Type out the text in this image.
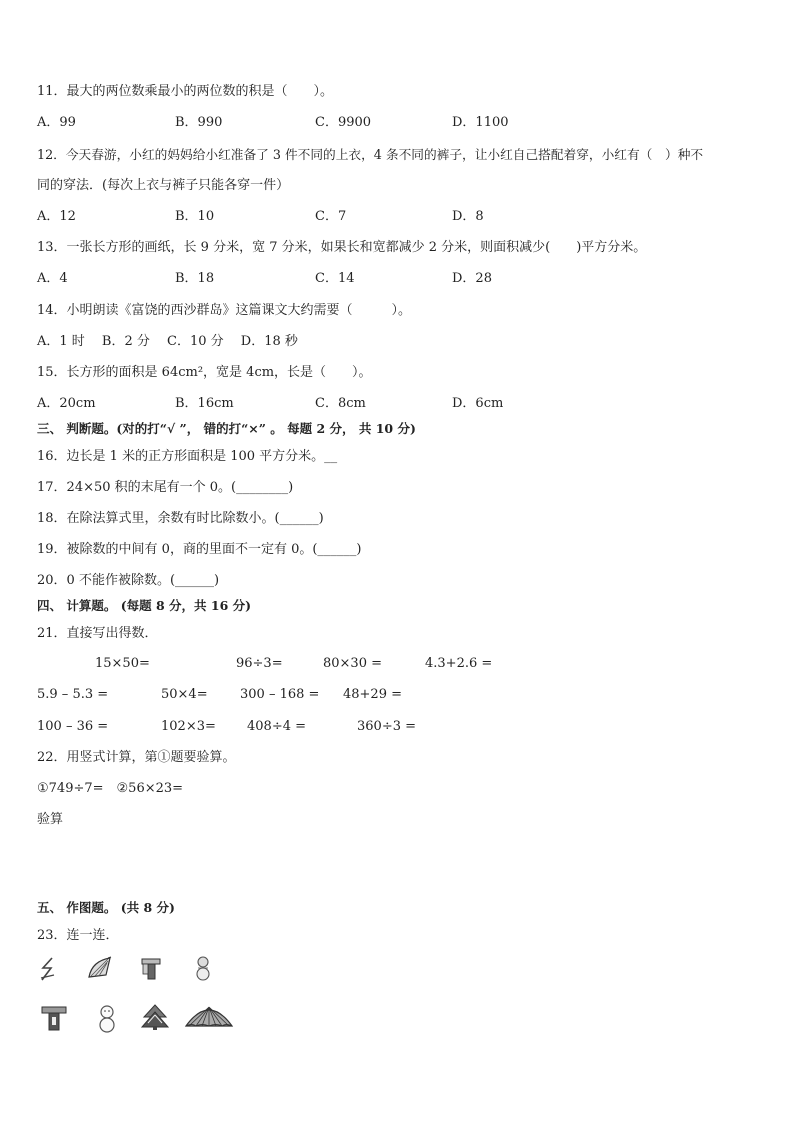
11．最大的两位数乘最小的两位数的积是（　　）。
A．99	B．990	C．9900	D．1100
12．今天春游，小红的妈妈给小红准备了 3 件不同的上衣，4 条不同的裤子，让小红自己搭配着穿，小红有（　）种不
同的穿法．(每次上衣与裤子只能各穿一件）
A．12	B．10	C．7	D．8
13．一张长方形的画纸，长 9 分米，宽 7 分米，如果长和宽都减少 2 分米，则面积减少(　　)平方分米。
A．4	B．18	C．14	D．28
14．小明朗读《富饶的西沙群岛》这篇课文大约需要（　　　）。
A．1 时　 B．2 分　 C．10 分　 D．18 秒
15．长方形的面积是 64cm²，宽是 4cm，长是（　　）。
A．20cm	B．16cm	C．8cm	D．6cm
三、 判断题。(对的打“√ ”， 错的打“×” 。 每题 2 分， 共 10 分)
16．边长是 1 米的正方形面积是 100 平方分米。__
17．24×50 积的末尾有一个 0。(________)
18．在除法算式里，余数有时比除数小。(______)
19．被除数的中间有 0，商的里面不一定有 0。(______)
20．0 不能作被除数。(______)
四、 计算题。 (每题 8 分，共 16 分)
21．直接写出得数．
15×50=	96÷3=	80×30 =	4.3+2.6 =
5.9 – 5.3 =	50×4= 300 – 168 = 48+29 =
100 – 36 =	102×3= 408÷4 =	360÷3 =
22．用竖式计算，第①题要验算。
①749÷7=　②56×23=
验算
五、 作图题。 (共 8 分)
23．连一连．
